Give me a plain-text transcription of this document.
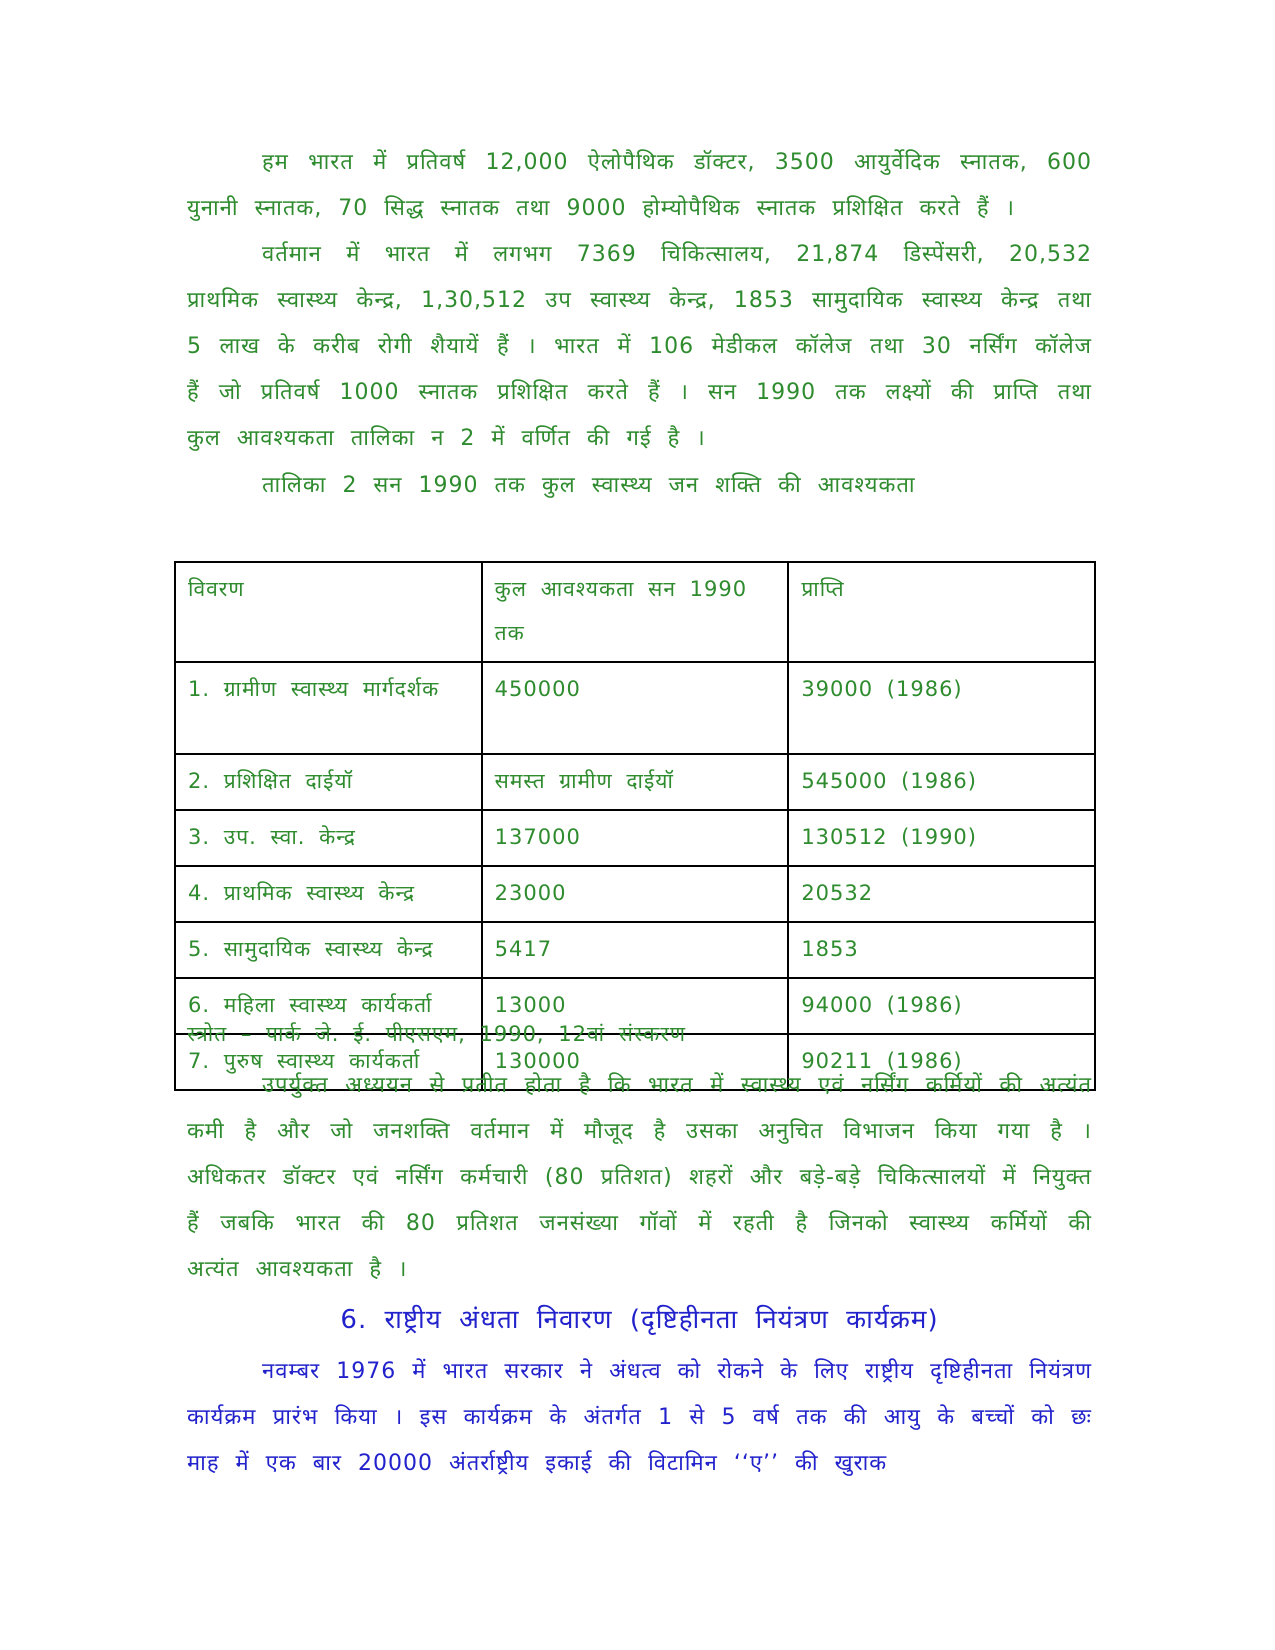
हम भारत में प्रतिवर्ष 12,000 ऐलोपैथिक डॉक्टर, 3500 आयुर्वेदिक स्नातक, 600 युनानी स्नातक, 70 सिद्ध स्नातक तथा 9000 होम्योपैथिक स्नातक प्रशिक्षित करते हैं ।

वर्तमान में भारत में लगभग 7369 चिकित्सालय, 21,874 डिस्पेंसरी, 20,532 प्राथमिक स्वास्थ्य केन्द्र, 1,30,512 उप स्वास्थ्य केन्द्र, 1853 सामुदायिक स्वास्थ्य केन्द्र तथा 5 लाख के करीब रोगी शैयायें हैं । भारत में 106 मेडीकल कॉलेज तथा 30 नर्सिंग कॉलेज हैं जो प्रतिवर्ष 1000 स्नातक प्रशिक्षित करते हैं । सन 1990 तक लक्ष्यों की प्राप्ति तथा कुल आवश्यकता तालिका न 2 में वर्णित की गई है ।

तालिका 2 सन 1990 तक कुल स्वास्थ्य जन शक्ति की आवश्यकता
विवरण	कुल आवश्यकता सन 1990 तक	प्राप्ति
1. ग्रामीण स्वास्थ्य मार्गदर्शक	450000	39000 (1986)
2. प्रशिक्षित दाईयॉ	समस्त ग्रामीण दाईयॉ	545000 (1986)
3. उप. स्वा. केन्द्र	137000	130512 (1990)
4. प्राथमिक स्वास्थ्य केन्द्र	23000	20532
5. सामुदायिक स्वास्थ्य केन्द्र	5417	1853
6. महिला स्वास्थ्य कार्यकर्ता	13000	94000 (1986)
7. पुरुष स्वास्थ्य कार्यकर्ता	130000	90211 (1986)
स्त्रोत – पार्क जे. ई. पीएसएम, 1990, 12वां संस्करण

उपर्युक्त अध्ययन से प्रतीत होता है कि भारत में स्वास्थ्य एवं नर्सिंग कर्मियों की अत्यंत कमी है और जो जनशक्ति वर्तमान में मौजूद है उसका अनुचित विभाजन किया गया है । अधिकतर डॉक्टर एवं नर्सिंग कर्मचारी (80 प्रतिशत) शहरों और बड़े-बड़े चिकित्सालयों में नियुक्त हैं जबकि भारत की 80 प्रतिशत जनसंख्या गॉवों में रहती है जिनको स्वास्थ्य कर्मियों की अत्यंत आवश्यकता है ।

6. राष्ट्रीय अंधता निवारण (दृष्टिहीनता नियंत्रण कार्यक्रम)

नवम्बर 1976 में भारत सरकार ने अंधत्व को रोकने के लिए राष्ट्रीय दृष्टिहीनता नियंत्रण कार्यक्रम प्रारंभ किया । इस कार्यक्रम के अंतर्गत 1 से 5 वर्ष तक की आयु के बच्चों को छः माह में एक बार 20000 अंतर्राष्ट्रीय इकाई की विटामिन ‘‘ए’’ की खुराक
